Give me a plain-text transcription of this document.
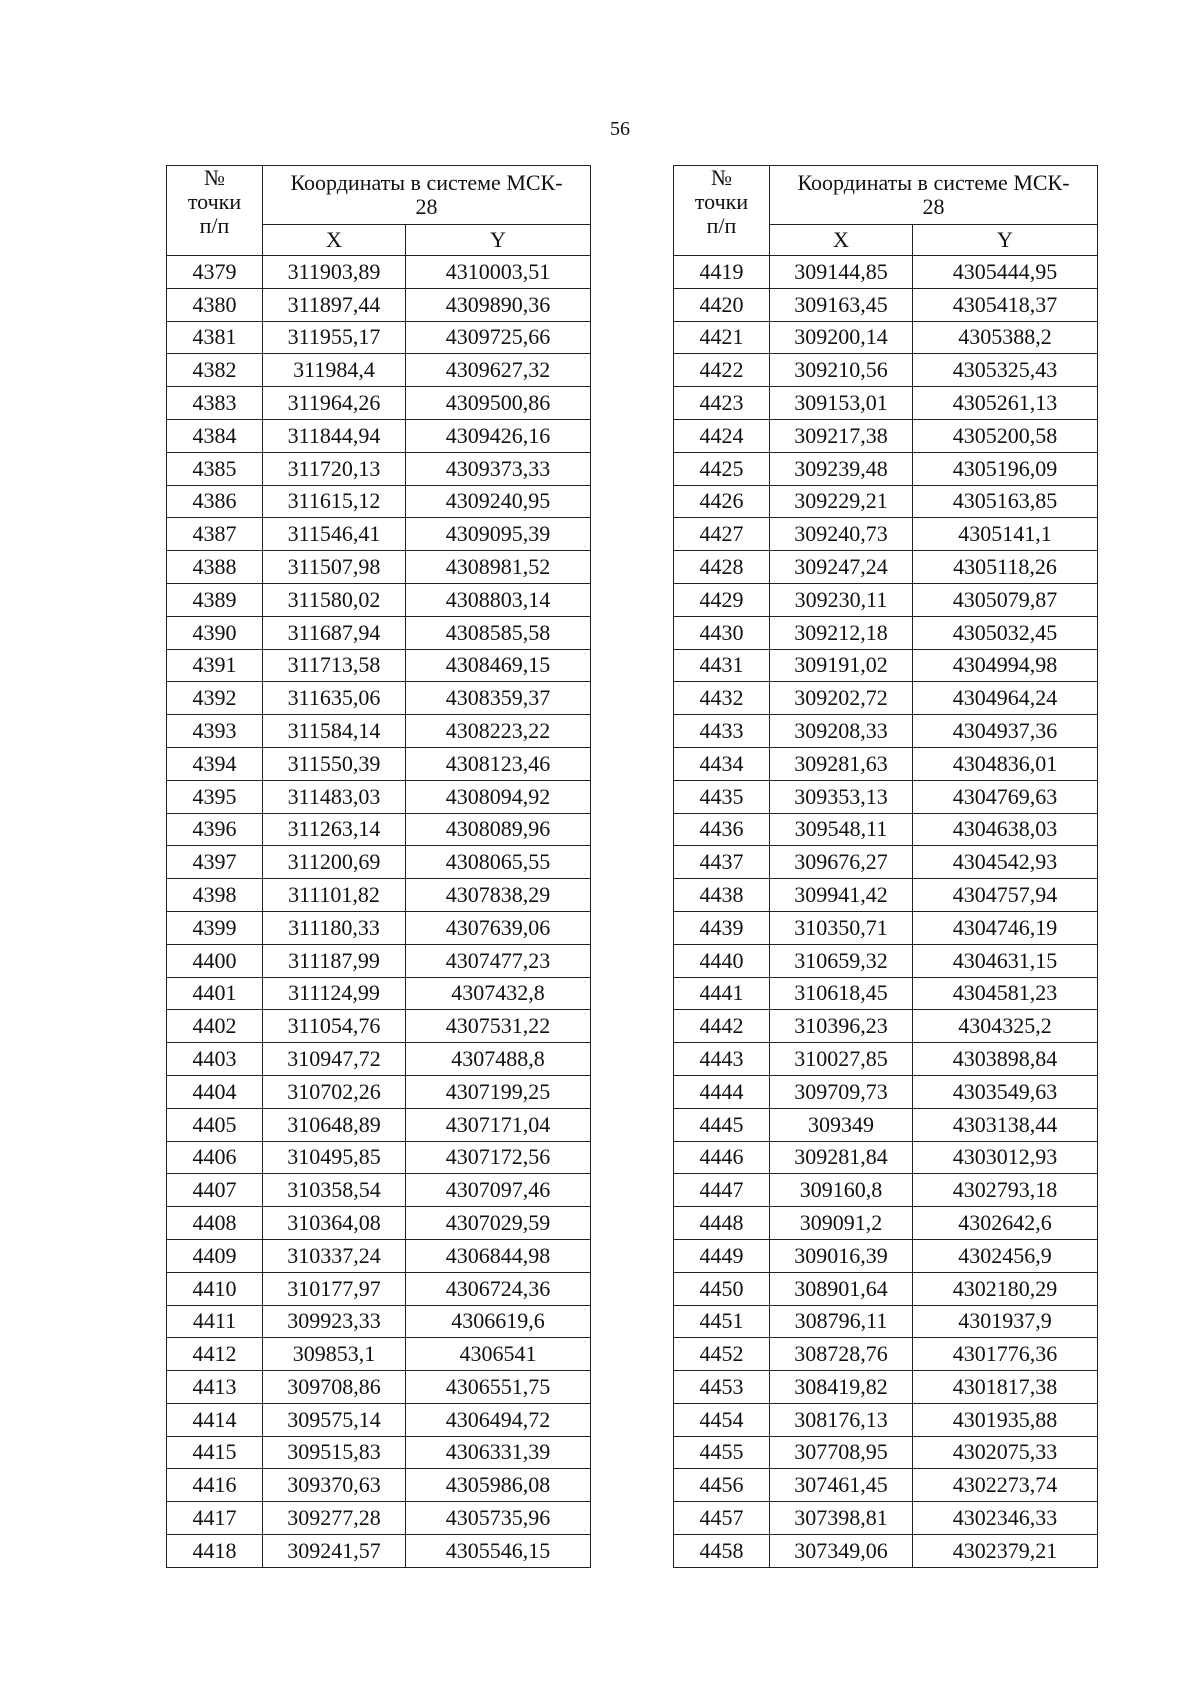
56
№
точки
п/п	Координаты в системе МСК-
28	
	X	Y
4379	311903,89	4310003,51
4380	311897,44	4309890,36
4381	311955,17	4309725,66
4382	311984,4	4309627,32
4383	311964,26	4309500,86
4384	311844,94	4309426,16
4385	311720,13	4309373,33
4386	311615,12	4309240,95
4387	311546,41	4309095,39
4388	311507,98	4308981,52
4389	311580,02	4308803,14
4390	311687,94	4308585,58
4391	311713,58	4308469,15
4392	311635,06	4308359,37
4393	311584,14	4308223,22
4394	311550,39	4308123,46
4395	311483,03	4308094,92
4396	311263,14	4308089,96
4397	311200,69	4308065,55
4398	311101,82	4307838,29
4399	311180,33	4307639,06
4400	311187,99	4307477,23
4401	311124,99	4307432,8
4402	311054,76	4307531,22
4403	310947,72	4307488,8
4404	310702,26	4307199,25
4405	310648,89	4307171,04
4406	310495,85	4307172,56
4407	310358,54	4307097,46
4408	310364,08	4307029,59
4409	310337,24	4306844,98
4410	310177,97	4306724,36
4411	309923,33	4306619,6
4412	309853,1	4306541
4413	309708,86	4306551,75
4414	309575,14	4306494,72
4415	309515,83	4306331,39
4416	309370,63	4305986,08
4417	309277,28	4305735,96
4418	309241,57	4305546,15
№
точки
п/п	Координаты в системе МСК-
28	
	X	Y
4419	309144,85	4305444,95
4420	309163,45	4305418,37
4421	309200,14	4305388,2
4422	309210,56	4305325,43
4423	309153,01	4305261,13
4424	309217,38	4305200,58
4425	309239,48	4305196,09
4426	309229,21	4305163,85
4427	309240,73	4305141,1
4428	309247,24	4305118,26
4429	309230,11	4305079,87
4430	309212,18	4305032,45
4431	309191,02	4304994,98
4432	309202,72	4304964,24
4433	309208,33	4304937,36
4434	309281,63	4304836,01
4435	309353,13	4304769,63
4436	309548,11	4304638,03
4437	309676,27	4304542,93
4438	309941,42	4304757,94
4439	310350,71	4304746,19
4440	310659,32	4304631,15
4441	310618,45	4304581,23
4442	310396,23	4304325,2
4443	310027,85	4303898,84
4444	309709,73	4303549,63
4445	309349	4303138,44
4446	309281,84	4303012,93
4447	309160,8	4302793,18
4448	309091,2	4302642,6
4449	309016,39	4302456,9
4450	308901,64	4302180,29
4451	308796,11	4301937,9
4452	308728,76	4301776,36
4453	308419,82	4301817,38
4454	308176,13	4301935,88
4455	307708,95	4302075,33
4456	307461,45	4302273,74
4457	307398,81	4302346,33
4458	307349,06	4302379,21
